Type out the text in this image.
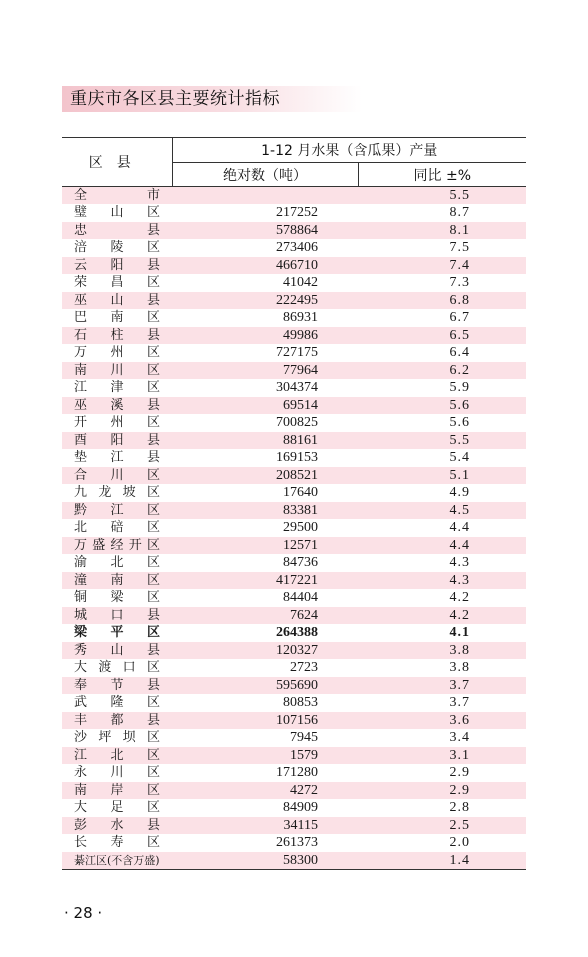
重庆市各区县主要统计指标
区县	1-12 月水果（含瓜果）产量	
	绝对数（吨）	同比 ±%

全 市		5.5

璧 山 区	217252	8.7

忠 县	578864	8.1

涪 陵 区	273406	7.5

云 阳 县	466710	7.4

荣 昌 区	41042	7.3

巫 山 县	222495	6.8

巴 南 区	86931	6.7

石 柱 县	49986	6.5

万 州 区	727175	6.4

南 川 区	77964	6.2

江 津 区	304374	5.9

巫 溪 县	69514	5.6

开 州 区	700825	5.6

酉 阳 县	88161	5.5

垫 江 县	169153	5.4

合 川 区	208521	5.1

九 龙 坡 区	17640	4.9

黔 江 区	83381	4.5

北 碚 区	29500	4.4

万 盛 经 开 区	12571	4.4

渝 北 区	84736	4.3

潼 南 区	417221	4.3

铜 梁 区	84404	4.2

城 口 县	7624	4.2

梁 平 区	264388	4.1

秀 山 县	120327	3.8

大 渡 口 区	2723	3.8

奉 节 县	595690	3.7

武 隆 区	80853	3.7

丰 都 县	107156	3.6

沙 坪 坝 区	7945	3.4

江 北 区	1579	3.1

永 川 区	171280	2.9

南 岸 区	4272	2.9

大 足 区	84909	2.8

彭 水 县	34115	2.5

长 寿 区	261373	2.0

綦江区(不含万盛)	58300	1.4
· 28 ·
